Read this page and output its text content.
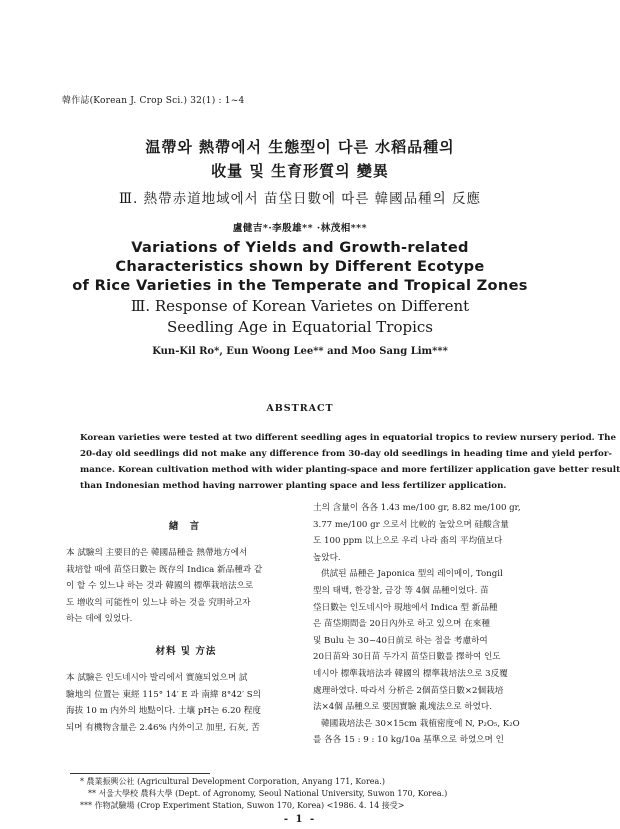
韓作誌(Korean J. Crop Sci.) 32(1) : 1~4
温帶와 熱帶에서 生態型이 다른 水稻品種의
收量 및 生育形質의 變異
Ⅲ. 熱帶赤道地域에서 苗垈日數에 따른 韓國品種의 反應
盧健吉*·李殷雄** ·林茂相***
Variations of Yields and Growth-related
Characteristics shown by Different Ecotype
of Rice Varieties in the Temperate and Tropical Zones
Ⅲ. Response of Korean Varietes on Different
Seedling Age in Equatorial Tropics
Kun-Kil Ro*, Eun Woong Lee** and Moo Sang Lim***
ABSTRACT
Korean varieties were tested at two different seedling ages in equatorial tropics to review nursery period. The
20-day old seedlings did not make any difference from 30-day old seedlings in heading time and yield perfor-
mance. Korean cultivation method with wider planting-space and more fertilizer application gave better result
than Indonesian method having narrower planting space and less fertilizer application.
緖 言
本 試驗의 主要目的은 韓國品種을 熱帶地方에서
栽培할 때에 苗垈日數는 旣存의 Indica 新品種과 같
이 할 수 있느냐 하는 것과 韓國의 標準栽培法으로
도 增收의 可能性이 있느냐 하는 것을 究明하고자
하는 데에 있었다.
材料 및 方法
本 試驗은 인도네시아 발리에서 實施되었으며 試
驗地의 位置는 東經 115° 14′ E 과 南緯 8°42′ S의
海拔 10 m 内外의 地點이다. 土壤 pH는 6.20 程度
되며 有機物含量은 2.46% 内外이고 加里, 石灰, 苦
土의 含量이 各各 1.43 me/100 gr, 8.82 me/100 gr,
3.77 me/100 gr 으로서 比較的 높았으며 硅酸含量
도 100 ppm 以上으로 우리 나라 畓의 平均值보다
높았다.
供試된 品種은 Japonica 型의 레이메이, Tongil
型의 태백, 한강찰, 금강 等 4個 品種이었다. 苗
垈日數는 인도네시아 現地에서 Indica 型 新品種
은 苗垈期間을 20日內外로 하고 있으며 在來種
및 Bulu 는 30~40日前로 하는 점을 考慮하여
20日苗와 30日苗 두가지 苗垈日數를 擇하여 인도
네시아 標準栽培法과 韓國의 標準栽培法으로 3反覆
處理하였다. 따라서 分析은 2個苗垈日數×2個栽培
法×4個 品種으로 要因實驗 亂塊法으로 하였다.
韓國栽培法은 30×15cm 栽植密度에 N, P₂O₅, K₂O
를 各各 15 : 9 : 10 kg/10a 基準으로 하였으며 인
* 農業振興公社 (Agricultural Development Corporation, Anyang 171, Korea.)
** 서울大學校 農科大學 (Dept. of Agronomy, Seoul National University, Suwon 170, Korea.)
*** 作物試驗場 (Crop Experiment Station, Suwon 170, Korea) <1986. 4. 14 接受>
- 1 -
